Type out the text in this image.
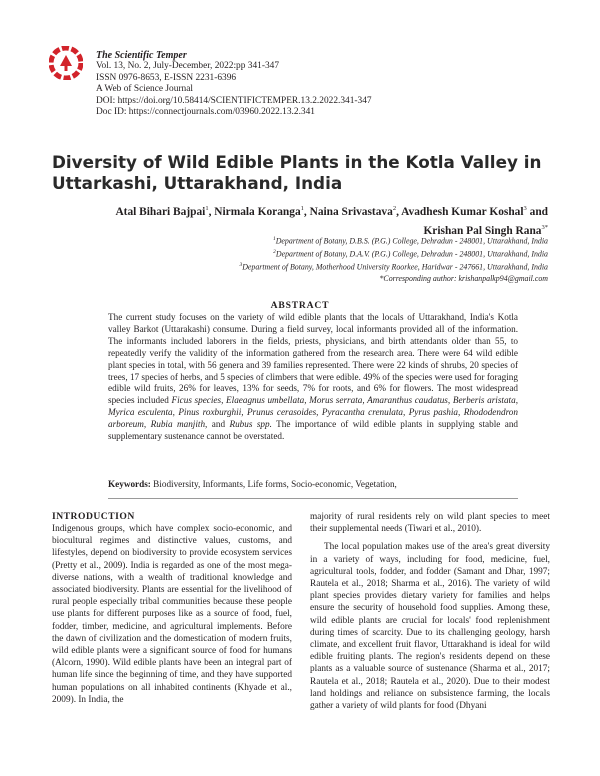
The Scientific Temper
Vol. 13, No. 2, July-December, 2022:pp 341-347
ISSN 0976-8653, E-ISSN 2231-6396
A Web of Science Journal
DOI: https://doi.org/10.58414/SCIENTIFICTEMPER.13.2.2022.341-347
Doc ID: https://connectjournals.com/03960.2022.13.2.341
Diversity of Wild Edible Plants in the Kotla Valley in
Uttarkashi, Uttarakhand, India
Atal Bihari Bajpai$^1$, Nirmala Koranga$^1$, Naina Srivastava$^2$, Avadhesh Kumar Koshal$^3$ and
Krishan Pal Singh Rana$^{3*}$
$^1$Department of Botany, D.B.S. (P.G.) College, Dehradun - 248001, Uttarakhand, India
$^2$Department of Botany, D.A.V. (P.G.) College, Dehradun - 248001, Uttarakhand, India
$^3$Department of Botany, Motherhood University Roorkee, Haridwar - 247661, Uttarakhand, India
*Corresponding author: krishanpalkp94@gmail.com
ABSTRACT

The current study focuses on the variety of wild edible plants that the locals of Uttarakhand, India's Kotla valley Barkot (Uttarakashi) consume. During a field survey, local informants provided all of the information. The informants included laborers in the fields, priests, physicians, and birth attendants older than 55, to repeatedly verify the validity of the information gathered from the research area. There were 64 wild edible plant species in total, with 56 genera and 39 families represented. There were 22 kinds of shrubs, 20 species of trees, 17 species of herbs, and 5 species of climbers that were edible. 49% of the species were used for foraging edible wild fruits, 26% for leaves, 13% for seeds, 7% for roots, and 6% for flowers. The most widespread species included Ficus species, Elaeagnus umbellata, Morus serrata, Amaranthus caudatus, Berberis aristata, Myrica esculenta, Pinus roxburghii, Prunus cerasoides, Pyracantha crenulata, Pyrus pashia, Rhododendron arboreum, Rubia manjith, and Rubus spp. The importance of wild edible plants in supplying stable and supplementary sustenance cannot be overstated.

Keywords: Biodiversity, Informants, Life forms, Socio-economic, Vegetation,
INTRODUCTION

Indigenous groups, which have complex socio-economic, and biocultural regimes and distinctive values, customs, and lifestyles, depend on biodiversity to provide ecosystem services (Pretty et al., 2009). India is regarded as one of the most mega-diverse nations, with a wealth of traditional knowledge and associated biodiversity. Plants are essential for the livelihood of rural people especially tribal communities because these people use plants for different purposes like as a source of food, fuel, fodder, timber, medicine, and agricultural implements. Before the dawn of civilization and the domestication of modern fruits, wild edible plants were a significant source of food for humans (Alcorn, 1990). Wild edible plants have been an integral part of human life since the beginning of time, and they have supported human populations on all inhabited continents (Khyade et al., 2009). In India, the

majority of rural residents rely on wild plant species to meet their supplemental needs (Tiwari et al., 2010).

The local population makes use of the area's great diversity in a variety of ways, including for food, medicine, fuel, agricultural tools, fodder, and fodder (Samant and Dhar, 1997; Rautela et al., 2018; Sharma et al., 2016). The variety of wild plant species provides dietary variety for families and helps ensure the security of household food supplies. Among these, wild edible plants are crucial for locals' food replenishment during times of scarcity. Due to its challenging geology, harsh climate, and excellent fruit flavor, Uttarakhand is ideal for wild edible fruiting plants. The region's residents depend on these plants as a valuable source of sustenance (Sharma et al., 2017; Rautela et al., 2018; Rautela et al., 2020). Due to their modest land holdings and reliance on subsistence farming, the locals gather a variety of wild plants for food (Dhyani
